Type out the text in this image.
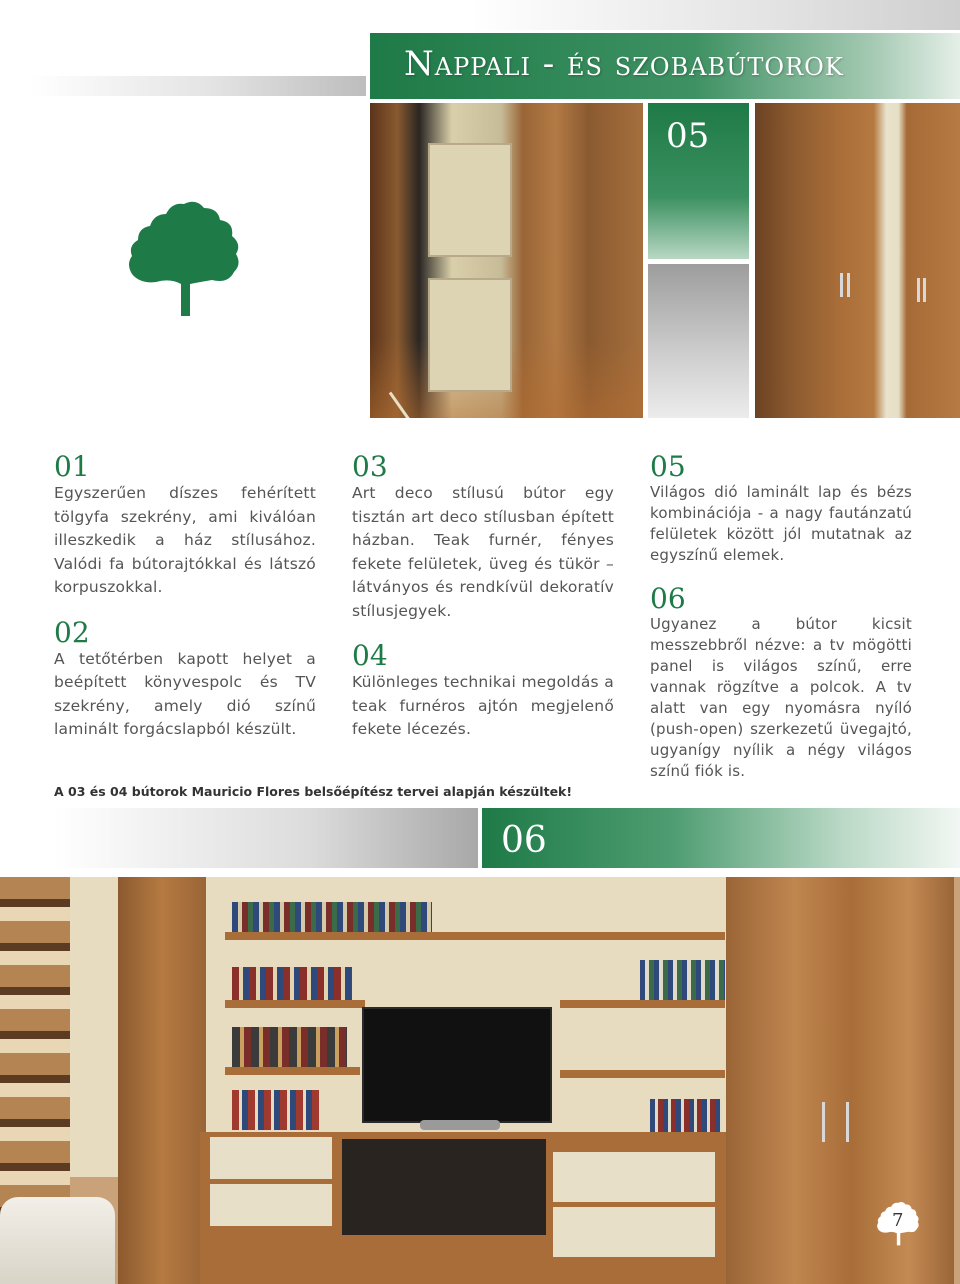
Nappali - és szobabútorok
05

01

Egyszerűen díszes fehérített tölgyfa szekrény, ami kiválóan illeszkedik a ház stílusához. Valódi fa bútorajtókkal és látszó korpuszokkal.

02

A tetőtérben kapott helyet a beépített könyvespolc és TV szekrény, amely dió színű laminált forgácslapból készült.

03

Art deco stílusú bútor egy tisztán art deco stílusban épített házban. Teak furnér, fényes fekete felületek, üveg és tükör – látványos és rendkívül dekoratív stílusjegyek.

04

Különleges technikai megoldás a teak furnéros ajtón megjelenő fekete lécezés.

05

Világos dió laminált lap és bézs kombinációja - a nagy fautánzatú felületek között jól mutatnak az egyszínű elemek.

06

Ugyanez a bútor kicsit messzebbről nézve: a tv mögötti panel is világos színű, erre vannak rögzítve a polcok. A tv alatt van egy nyomásra nyíló (push-open) szerkezetű üvegajtó, ugyanígy nyílik a négy világos színű fiók is.

A 03 és 04 bútorok Mauricio Flores belsőépítész tervei alapján készültek!
06
7
